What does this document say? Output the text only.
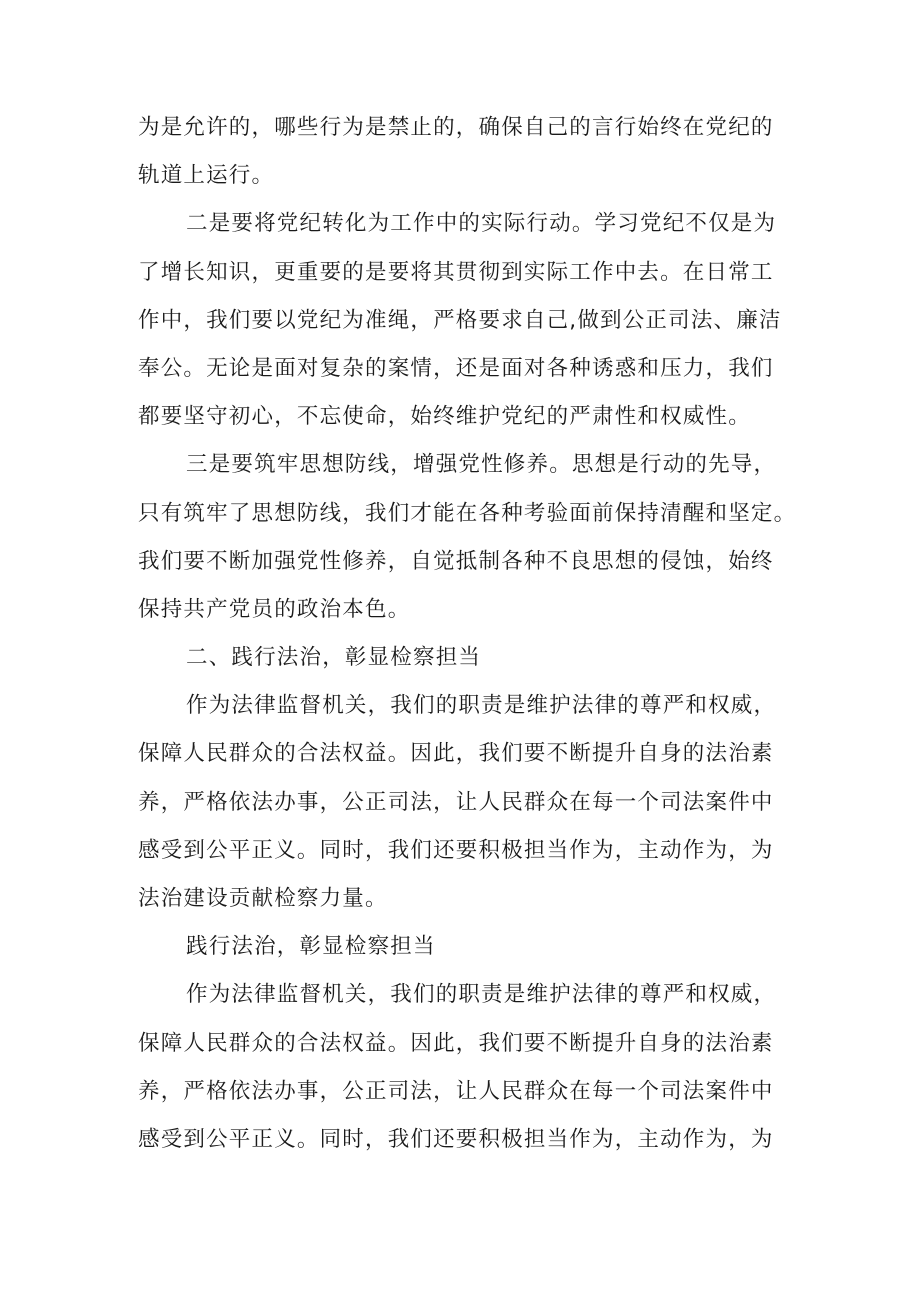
为是允许的，哪些行为是禁止的，确保自己的言行始终在党纪的
轨道上运行。
二是要将党纪转化为工作中的实际行动。学习党纪不仅是为
了增长知识，更重要的是要将其贯彻到实际工作中去。在日常工
作中，我们要以党纪为准绳，严格要求自己,做到公正司法、廉洁
奉公。无论是面对复杂的案情，还是面对各种诱惑和压力，我们
都要坚守初心，不忘使命，始终维护党纪的严肃性和权威性。
三是要筑牢思想防线，增强党性修养。思想是行动的先导，
只有筑牢了思想防线，我们才能在各种考验面前保持清醒和坚定。
我们要不断加强党性修养，自觉抵制各种不良思想的侵蚀，始终
保持共产党员的政治本色。
二、践行法治，彰显检察担当
作为法律监督机关，我们的职责是维护法律的尊严和权威，
保障人民群众的合法权益。因此，我们要不断提升自身的法治素
养，严格依法办事，公正司法，让人民群众在每一个司法案件中
感受到公平正义。同时，我们还要积极担当作为，主动作为，为
法治建设贡献检察力量。
践行法治，彰显检察担当
作为法律监督机关，我们的职责是维护法律的尊严和权威，
保障人民群众的合法权益。因此，我们要不断提升自身的法治素
养，严格依法办事，公正司法，让人民群众在每一个司法案件中
感受到公平正义。同时，我们还要积极担当作为，主动作为，为
